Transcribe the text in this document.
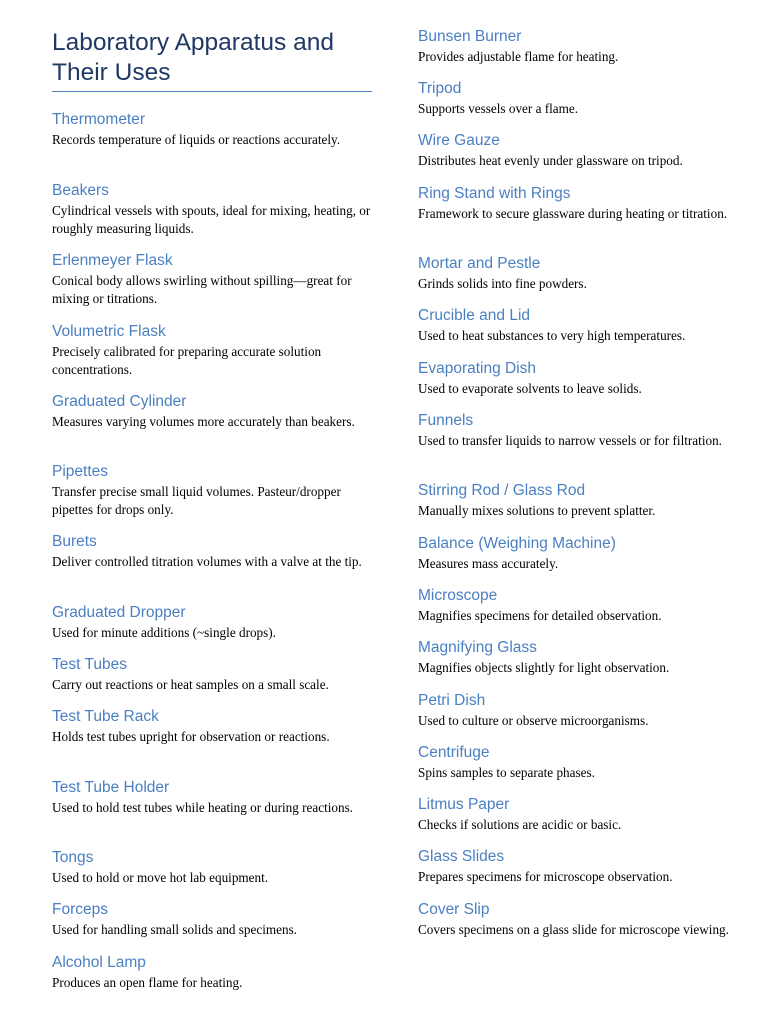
Laboratory Apparatus and Their Uses
Thermometer
Records temperature of liquids or reactions accurately.
Beakers
Cylindrical vessels with spouts, ideal for mixing, heating, or roughly measuring liquids.
Erlenmeyer Flask
Conical body allows swirling without spilling—great for mixing or titrations.
Volumetric Flask
Precisely calibrated for preparing accurate solution concentrations.
Graduated Cylinder
Measures varying volumes more accurately than beakers.
Pipettes
Transfer precise small liquid volumes. Pasteur/dropper pipettes for drops only.
Burets
Deliver controlled titration volumes with a valve at the tip.
Graduated Dropper
Used for minute additions (~single drops).
Test Tubes
Carry out reactions or heat samples on a small scale.
Test Tube Rack
Holds test tubes upright for observation or reactions.
Test Tube Holder
Used to hold test tubes while heating or during reactions.
Tongs
Used to hold or move hot lab equipment.
Forceps
Used for handling small solids and specimens.
Alcohol Lamp
Produces an open flame for heating.
Bunsen Burner
Provides adjustable flame for heating.
Tripod
Supports vessels over a flame.
Wire Gauze
Distributes heat evenly under glassware on tripod.
Ring Stand with Rings
Framework to secure glassware during heating or titration.
Mortar and Pestle
Grinds solids into fine powders.
Crucible and Lid
Used to heat substances to very high temperatures.
Evaporating Dish
Used to evaporate solvents to leave solids.
Funnels
Used to transfer liquids to narrow vessels or for filtration.
Stirring Rod / Glass Rod
Manually mixes solutions to prevent splatter.
Balance (Weighing Machine)
Measures mass accurately.
Microscope
Magnifies specimens for detailed observation.
Magnifying Glass
Magnifies objects slightly for light observation.
Petri Dish
Used to culture or observe microorganisms.
Centrifuge
Spins samples to separate phases.
Litmus Paper
Checks if solutions are acidic or basic.
Glass Slides
Prepares specimens for microscope observation.
Cover Slip
Covers specimens on a glass slide for microscope viewing.
